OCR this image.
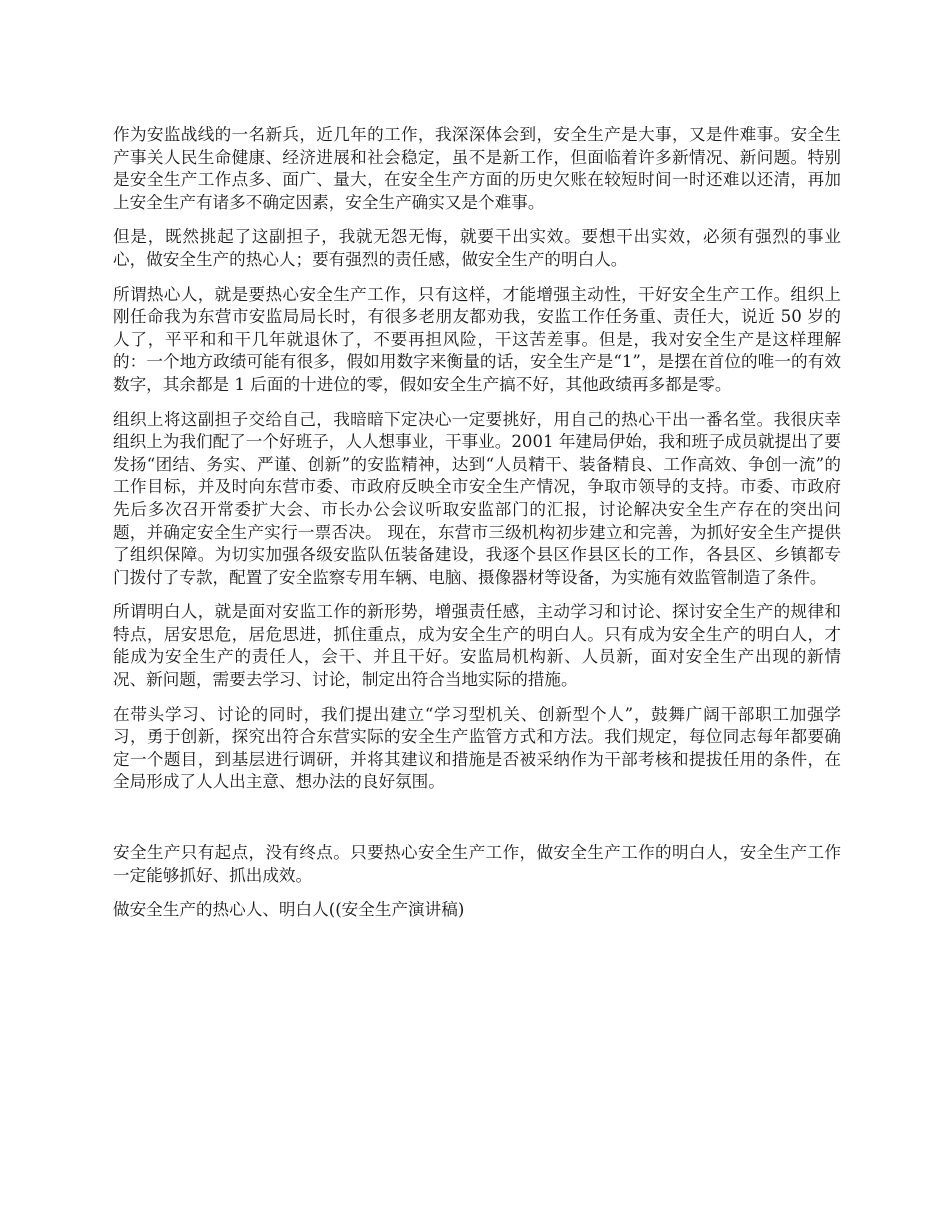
作为安监战线的一名新兵，近几年的工作，我深深体会到，安全生产是大事，又是件难事。安全生产事关人民生命健康、经济进展和社会稳定，虽不是新工作，但面临着许多新情况、新问题。特别是安全生产工作点多、面广、量大，在安全生产方面的历史欠账在较短时间一时还难以还清，再加上安全生产有诸多不确定因素，安全生产确实又是个难事。

但是，既然挑起了这副担子，我就无怨无悔，就要干出实效。要想干出实效，必须有强烈的事业心，做安全生产的热心人；要有强烈的责任感，做安全生产的明白人。

所谓热心人，就是要热心安全生产工作，只有这样，才能增强主动性，干好安全生产工作。组织上刚任命我为东营市安监局局长时，有很多老朋友都劝我，安监工作任务重、责任大，说近 50 岁的人了，平平和和干几年就退休了，不要再担风险，干这苦差事。但是，我对安全生产是这样理解的：一个地方政绩可能有很多，假如用数字来衡量的话，安全生产是“1”，是摆在首位的唯一的有效数字，其余都是 1 后面的十进位的零，假如安全生产搞不好，其他政绩再多都是零。

组织上将这副担子交给自己，我暗暗下定决心一定要挑好，用自己的热心干出一番名堂。我很庆幸组织上为我们配了一个好班子，人人想事业，干事业。2001 年建局伊始，我和班子成员就提出了要发扬“团结、务实、严谨、创新”的安监精神，达到“人员精干、装备精良、工作高效、争创一流”的工作目标，并及时向东营市委、市政府反映全市安全生产情况，争取市领导的支持。市委、市政府先后多次召开常委扩大会、市长办公会议听取安监部门的汇报，讨论解决安全生产存在的突出问题，并确定安全生产实行一票否决。 现在，东营市三级机构初步建立和完善，为抓好安全生产提供了组织保障。为切实加强各级安监队伍装备建设，我逐个县区作县区长的工作，各县区、乡镇都专门拨付了专款，配置了安全监察专用车辆、电脑、摄像器材等设备，为实施有效监管制造了条件。

所谓明白人，就是面对安监工作的新形势，增强责任感，主动学习和讨论、探讨安全生产的规律和特点，居安思危，居危思进，抓住重点，成为安全生产的明白人。只有成为安全生产的明白人，才能成为安全生产的责任人，会干、并且干好。安监局机构新、人员新，面对安全生产出现的新情况、新问题，需要去学习、讨论，制定出符合当地实际的措施。

在带头学习、讨论的同时，我们提出建立“学习型机关、创新型个人”，鼓舞广阔干部职工加强学习，勇于创新，探究出符合东营实际的安全生产监管方式和方法。我们规定，每位同志每年都要确定一个题目，到基层进行调研，并将其建议和措施是否被采纳作为干部考核和提拔任用的条件，在全局形成了人人出主意、想办法的良好氛围。

安全生产只有起点，没有终点。只要热心安全生产工作，做安全生产工作的明白人，安全生产工作一定能够抓好、抓出成效。

做安全生产的热心人、明白人((安全生产演讲稿)
